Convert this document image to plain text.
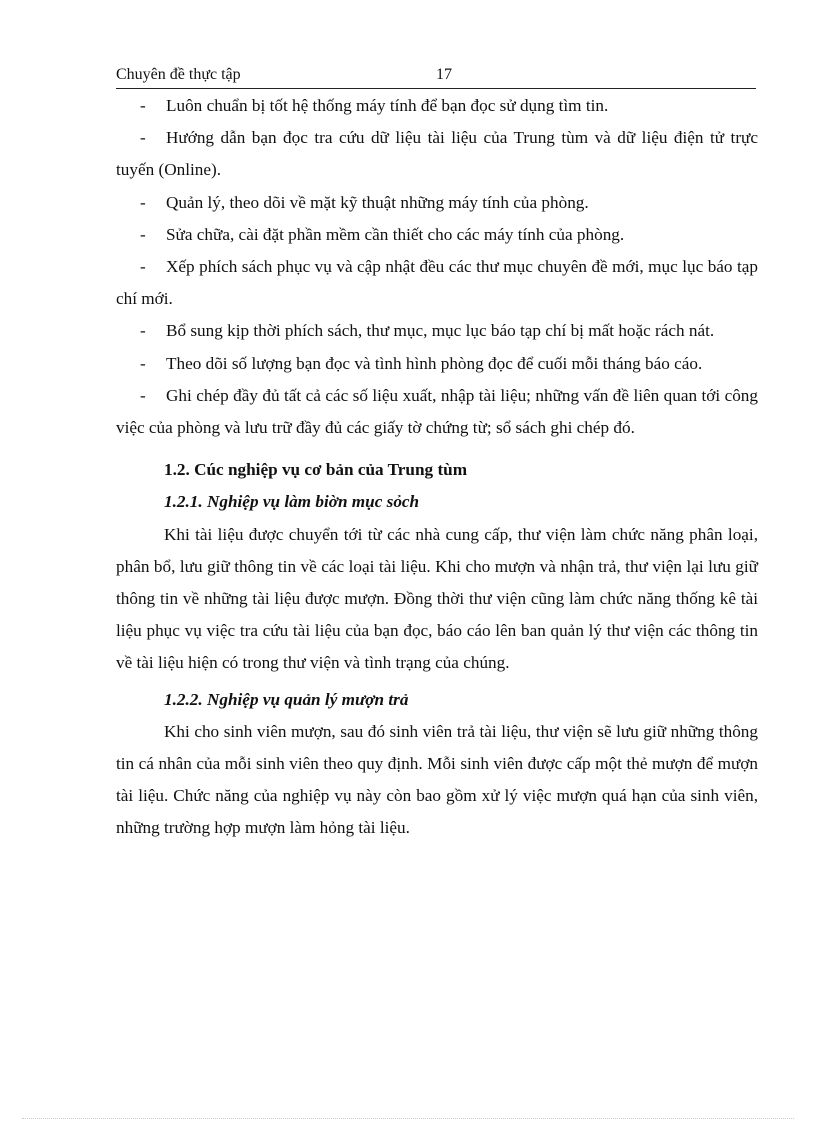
Chuyên đề thực tập	17

- Luôn chuẩn bị tốt hệ thống máy tính để bạn đọc sử dụng tìm tin.

- Hướng dẫn bạn đọc tra cứu dữ liệu tài liệu của Trung tùm và dữ liệu điện tử trực tuyến (Online).

- Quản lý, theo dõi về mặt kỹ thuật những máy tính của phòng.

- Sửa chữa, cài đặt phần mềm cần thiết cho các máy tính của phòng.

- Xếp phích sách phục vụ và cập nhật đều các thư mục chuyên đề mới, mục lục báo tạp chí mới.

- Bổ sung kịp thời phích sách, thư mục, mục lục báo tạp chí bị mất hoặc rách nát.

- Theo dõi số lượng bạn đọc và tình hình phòng đọc để cuối mỗi tháng báo cáo.

- Ghi chép đầy đủ tất cả các số liệu xuất, nhập tài liệu; những vấn đề liên quan tới công việc của phòng và lưu trữ đầy đủ các giấy tờ chứng từ; sổ sách ghi chép đó.

1.2. Cúc nghiệp vụ cơ bản của Trung tùm

1.2.1. Nghiệp vụ làm biờn mục sỏch

Khi tài liệu được chuyển tới từ các nhà cung cấp, thư viện làm chức năng phân loại, phân bổ, lưu giữ thông tin về các loại tài liệu. Khi cho mượn và nhận trả, thư viện lại lưu giữ thông tin về những tài liệu được mượn. Đồng thời thư viện cũng làm chức năng thống kê tài liệu phục vụ việc tra cứu tài liệu của bạn đọc, báo cáo lên ban quản lý thư viện các thông tin về tài liệu hiện có trong thư viện và tình trạng của chúng.

1.2.2. Nghiệp vụ quản lý mượn trả

Khi cho sinh viên mượn, sau đó sinh viên trả tài liệu, thư viện sẽ lưu giữ những thông tin cá nhân của mỗi sinh viên theo quy định. Mỗi sinh viên được cấp một thẻ mượn để mượn tài liệu. Chức năng của nghiệp vụ này còn bao gồm xử lý việc mượn quá hạn của sinh viên, những trường hợp mượn làm hỏng tài liệu.
